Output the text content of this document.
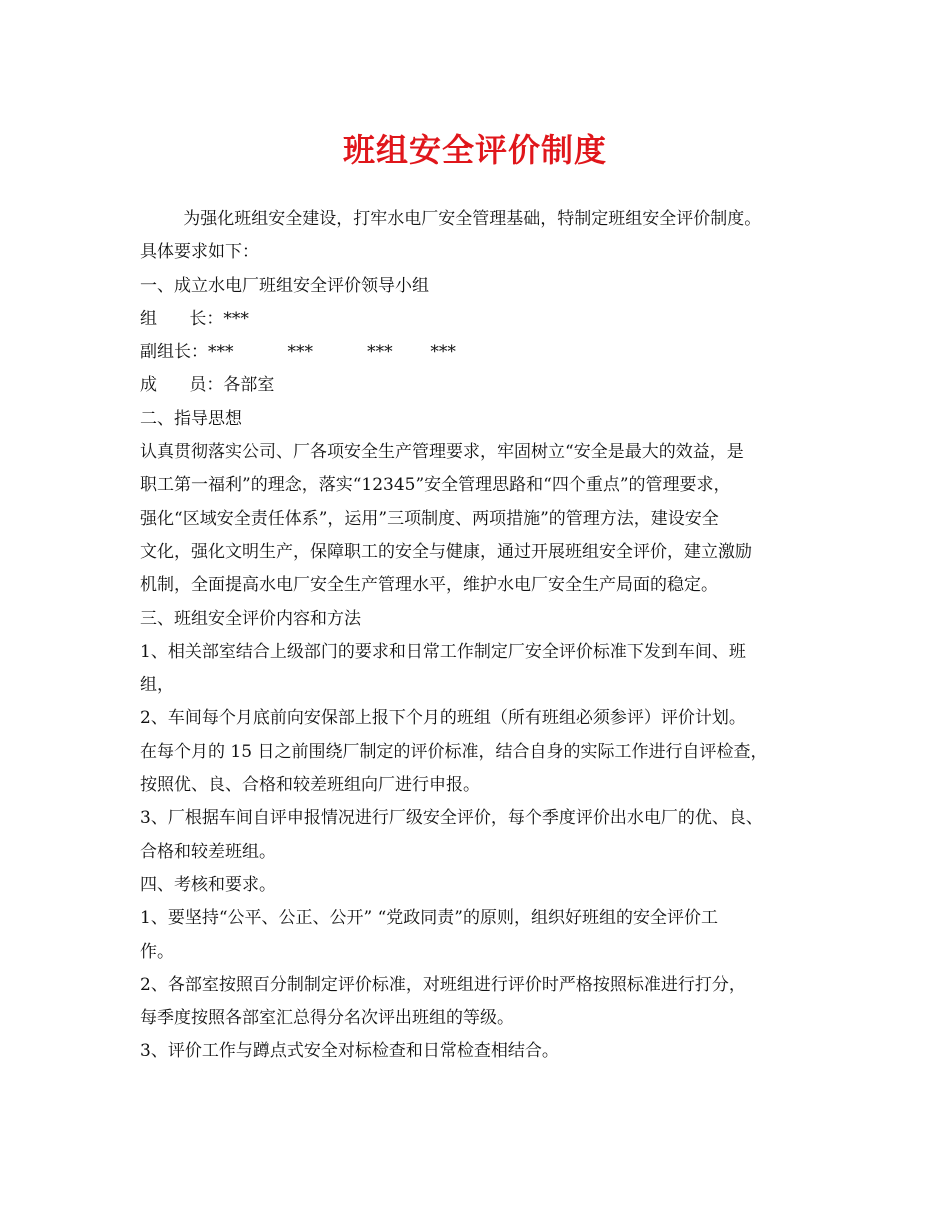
班组安全评价制度
为强化班组安全建设，打牢水电厂安全管理基础，特制定班组安全评价制度。
具体要求如下：
一、成立水电厂班组安全评价领导小组
组      长：***
副组长：***          ***          ***       ***
成      员：各部室
二、指导思想
认真贯彻落实公司、厂各项安全生产管理要求，牢固树立“安全是最大的效益，是
职工第一福利”的理念，落实“12345”安全管理思路和“四个重点”的管理要求，
强化“区域安全责任体系”，运用”三项制度、两项措施”的管理方法，建设安全
文化，强化文明生产，保障职工的安全与健康，通过开展班组安全评价，建立激励
机制，全面提高水电厂安全生产管理水平，维护水电厂安全生产局面的稳定。
三、班组安全评价内容和方法
1、相关部室结合上级部门的要求和日常工作制定厂安全评价标准下发到车间、班
组，
2、车间每个月底前向安保部上报下个月的班组（所有班组必须参评）评价计划。
在每个月的 15 日之前围绕厂制定的评价标准，结合自身的实际工作进行自评检查，
按照优、良、合格和较差班组向厂进行申报。
3、厂根据车间自评申报情况进行厂级安全评价，每个季度评价出水电厂的优、良、
合格和较差班组。
四、考核和要求。
1、要坚持“公平、公正、公开” “党政同责”的原则，组织好班组的安全评价工
作。
2、各部室按照百分制制定评价标准，对班组进行评价时严格按照标准进行打分，
每季度按照各部室汇总得分名次评出班组的等级。
3、评价工作与蹲点式安全对标检查和日常检查相结合。
